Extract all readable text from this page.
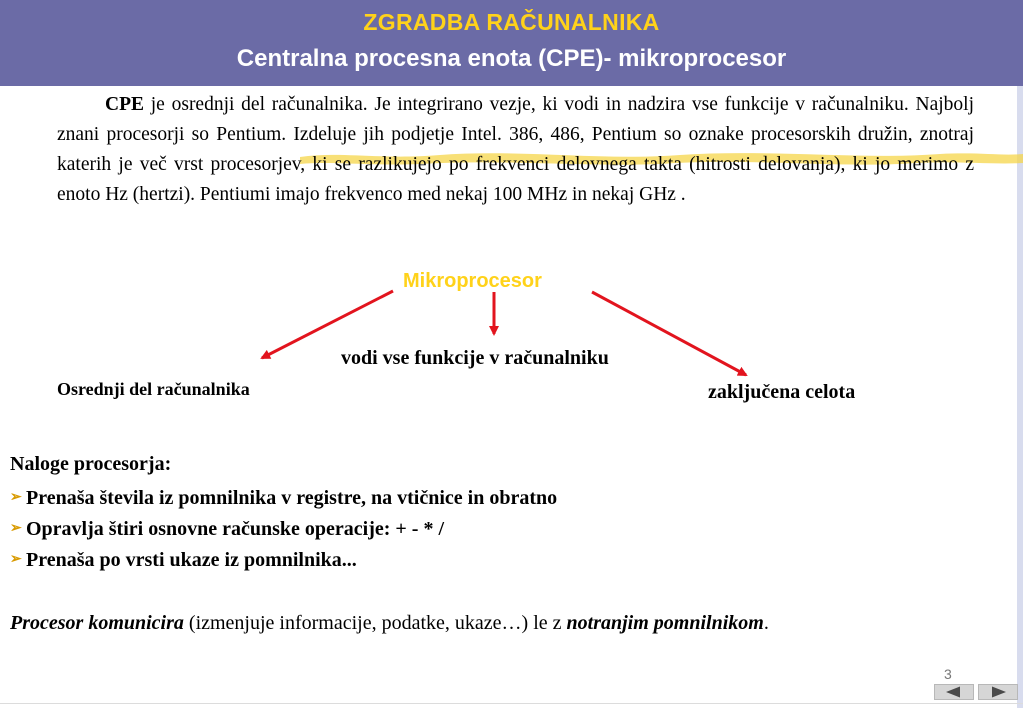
ZGRADBA RAČUNALNIKA
Centralna procesna enota (CPE)- mikroprocesor
CPE je osrednji del računalnika. Je integrirano vezje, ki vodi in nadzira vse funkcije v računalniku. Najbolj znani procesorji so Pentium. Izdeluje jih podjetje Intel. 386, 486, Pentium so oznake procesorskih družin, znotraj katerih je več vrst procesorjev, ki se razlikujejo po frekvenci delovnega takta (hitrosti delovanja), ki jo merimo z enoto Hz (hertzi). Pentiumi imajo frekvenco med nekaj 100 MHz in nekaj GHz .
Mikroprocesor
vodi vse funkcije v računalniku
Osrednji del računalnika	zaključena celota
Naloge procesorja:
➢ Prenaša števila iz pomnilnika v registre, na vtičnice in obratno
➢ Opravlja štiri osnovne računske operacije: + - * /
➢ Prenaša po vrsti ukaze iz pomnilnika...
Procesor komunicira (izmenjuje informacije, podatke, ukaze…) le z notranjim pomnilnikom.
3
